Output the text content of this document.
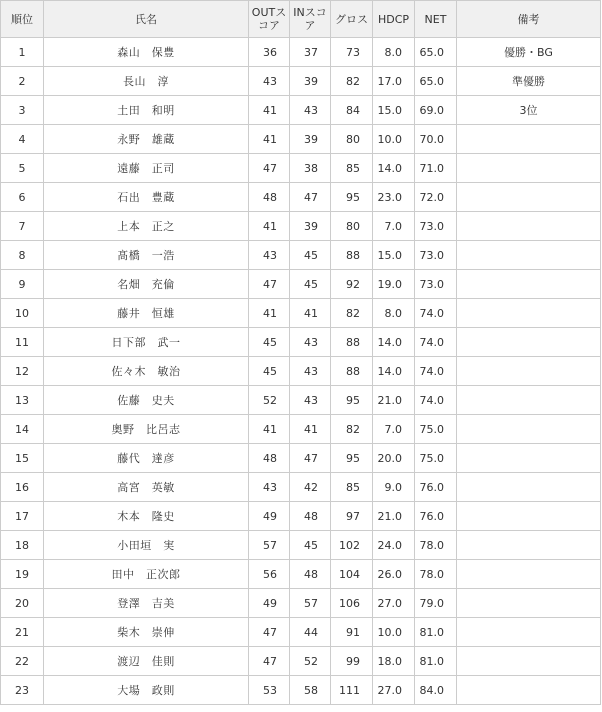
順位	氏名	OUTスコア	INスコア	グロス	HDCP	NET	備考
1	森山　保豊	36	37	73	8.0	65.0	優勝・BG
2	長山　淳	43	39	82	17.0	65.0	準優勝
3	土田　和明	41	43	84	15.0	69.0	3位
4	永野　雄蔵	41	39	80	10.0	70.0	
5	遠藤　正司	47	38	85	14.0	71.0	
6	石出　豊蔵	48	47	95	23.0	72.0	
7	上本　正之	41	39	80	7.0	73.0	
8	髙橋　一浩	43	45	88	15.0	73.0	
9	名畑　充倫	47	45	92	19.0	73.0	
10	藤井　恒雄	41	41	82	8.0	74.0	
11	日下部　武一	45	43	88	14.0	74.0	
12	佐々木　敏治	45	43	88	14.0	74.0	
13	佐藤　史夫	52	43	95	21.0	74.0	
14	奥野　比呂志	41	41	82	7.0	75.0	
15	藤代　達彦	48	47	95	20.0	75.0	
16	高宮　英敏	43	42	85	9.0	76.0	
17	木本　隆史	49	48	97	21.0	76.0	
18	小田垣　実	57	45	102	24.0	78.0	
19	田中　正次郎	56	48	104	26.0	78.0	
20	登澤　吉美	49	57	106	27.0	79.0	
21	柴木　崇伸	47	44	91	10.0	81.0	
22	渡辺　佳則	47	52	99	18.0	81.0	
23	大場　政則	53	58	111	27.0	84.0	
